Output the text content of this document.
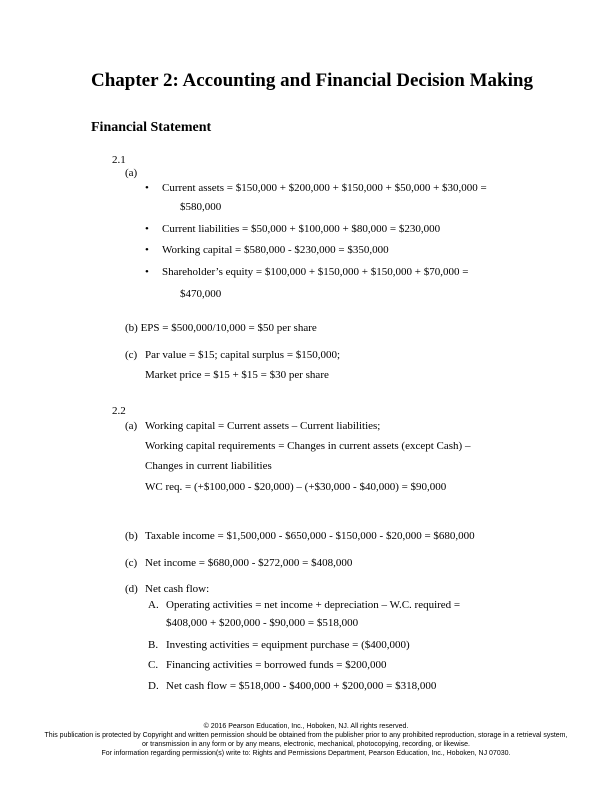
Chapter 2: Accounting and Financial Decision Making
Financial Statement
2.1
(a)
• Current assets = $150,000 + $200,000 + $150,000 + $50,000 + $30,000 =
$580,000
• Current liabilities = $50,000 + $100,000 + $80,000 = $230,000
• Working capital = $580,000 - $230,000 = $350,000
• Shareholder’s equity = $100,000 + $150,000 + $150,000 + $70,000 =
$470,000
(b) EPS = $500,000/10,000 = $50 per share
(c) Par value = $15; capital surplus = $150,000;
Market price = $15 + $15 = $30 per share
2.2
(a) Working capital = Current assets – Current liabilities;
Working capital requirements = Changes in current assets (except Cash) –
Changes in current liabilities
WC req. = (+$100,000 - $20,000) – (+$30,000 - $40,000) = $90,000
(b) Taxable income = $1,500,000 - $650,000 - $150,000 - $20,000 = $680,000
(c) Net income = $680,000 - $272,000 = $408,000
(d) Net cash flow:
A. Operating activities = net income + depreciation – W.C. required =
$408,000 + $200,000 - $90,000 = $518,000
B. Investing activities = equipment purchase = ($400,000)
C. Financing activities = borrowed funds = $200,000
D. Net cash flow = $518,000 - $400,000 + $200,000 = $318,000
© 2016 Pearson Education, Inc., Hoboken, NJ. All rights reserved.
This publication is protected by Copyright and written permission should be obtained from the publisher prior to any prohibited reproduction, storage in a retrieval system,
or transmission in any form or by any means, electronic, mechanical, photocopying, recording, or likewise.
For information regarding permission(s) write to: Rights and Permissions Department, Pearson Education, Inc., Hoboken, NJ 07030.
